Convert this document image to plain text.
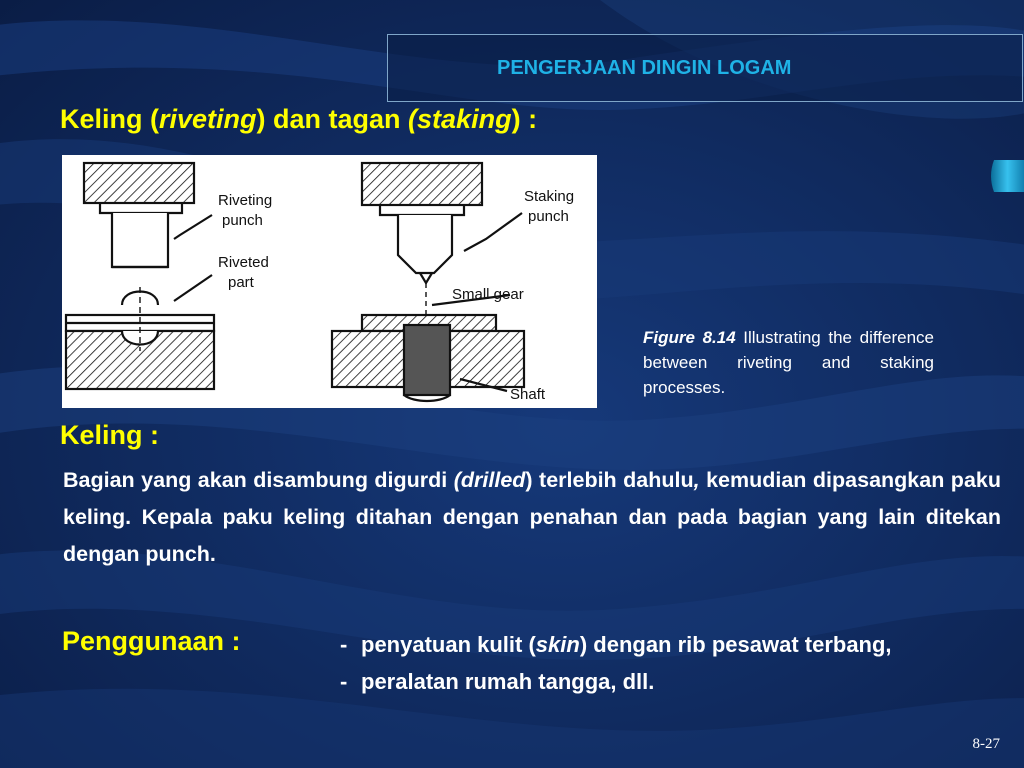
PENGERJAAN DINGIN LOGAM
Keling (riveting) dan tagan (staking) :
Riveting
punch
Riveted
part
Staking
punch
Small gear
Shaft
Figure 8.14 Illustrating the difference between riveting and staking processes.
Keling :
Bagian yang akan disambung digurdi (drilled) terlebih dahulu, kemudian dipasangkan paku keling. Kepala paku keling ditahan dengan penahan dan pada bagian yang lain ditekan dengan punch.
Penggunaan :	- penyatuan kulit (skin) dengan rib pesawat terbang,
- peralatan rumah tangga, dll.
8-27
